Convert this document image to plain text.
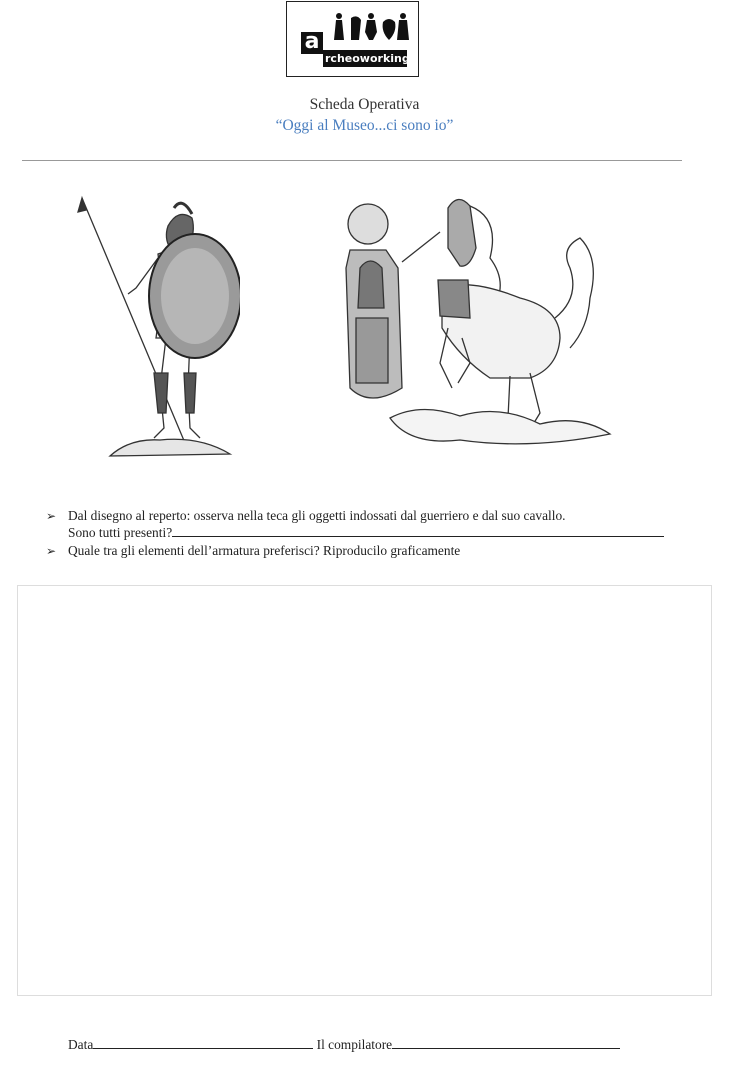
a
rcheoworking
Scheda Operativa
“Oggi al Museo...ci sono io”
➢ Dal disegno al reperto: osserva nella teca gli oggetti indossati dal guerriero e dal suo cavallo.
Sono tutti presenti?
➢ Quale tra gli elementi dell’armatura preferisci? Riproducilo graficamente
Data	Il compilatore
